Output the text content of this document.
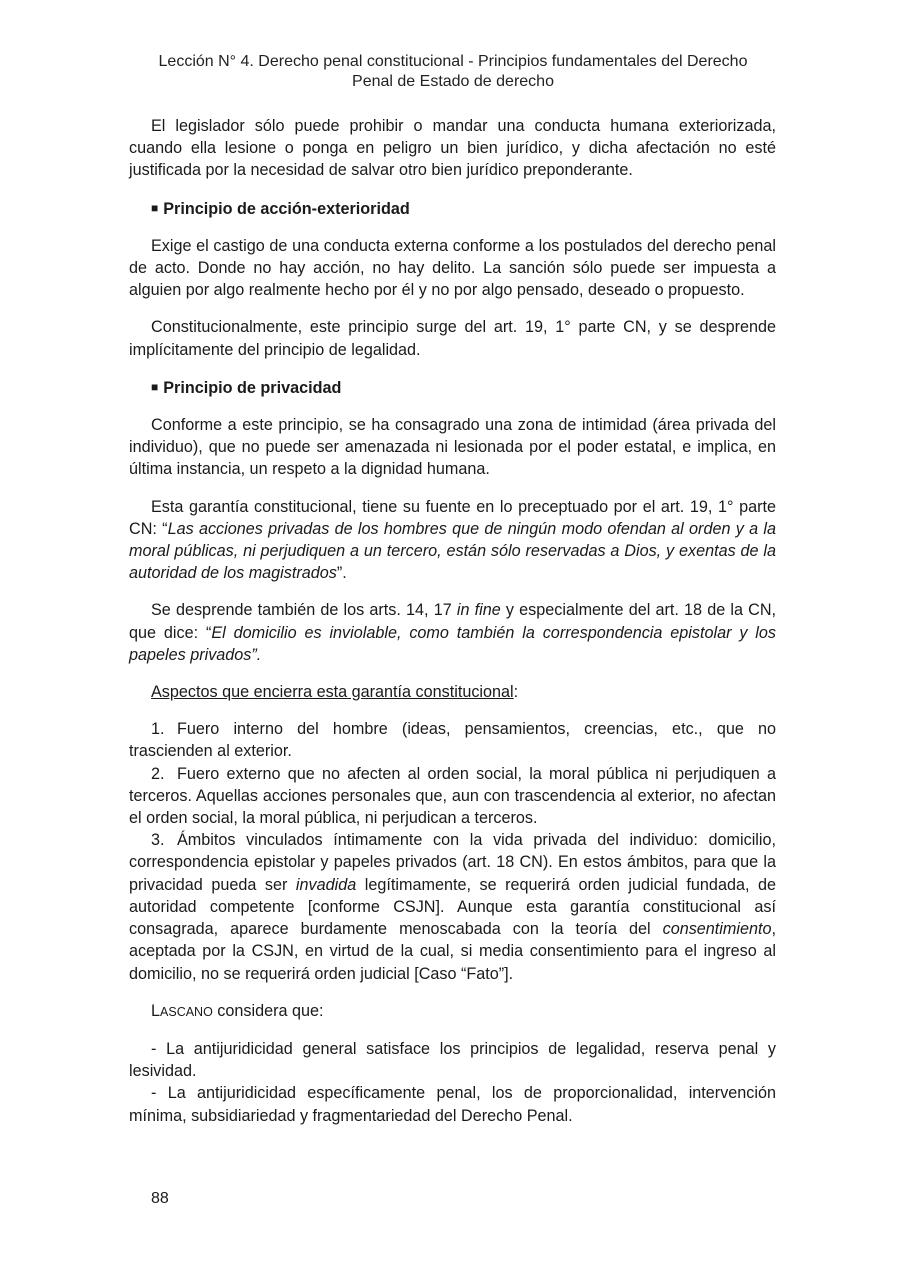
Lección N° 4. Derecho penal constitucional - Principios fundamentales del Derecho
Penal de Estado de derecho

El legislador sólo puede prohibir o mandar una conducta humana exteriorizada, cuando ella lesione o ponga en peligro un bien jurídico, y dicha afectación no esté justificada por la necesidad de salvar otro bien jurídico preponderante.

■ Principio de acción-exterioridad

Exige el castigo de una conducta externa conforme a los postulados del derecho penal de acto. Donde no hay acción, no hay delito. La sanción sólo puede ser impuesta a alguien por algo realmente hecho por él y no por algo pensado, deseado o propuesto.

Constitucionalmente, este principio surge del art. 19, 1° parte CN, y se desprende implícitamente del principio de legalidad.

■ Principio de privacidad

Conforme a este principio, se ha consagrado una zona de intimidad (área privada del individuo), que no puede ser amenazada ni lesionada por el poder estatal, e implica, en última instancia, un respeto a la dignidad humana.

Esta garantía constitucional, tiene su fuente en lo preceptuado por el art. 19, 1° parte CN: “Las acciones privadas de los hombres que de ningún modo ofendan al orden y a la moral públicas, ni perjudiquen a un tercero, están sólo reservadas a Dios, y exentas de la autoridad de los magistrados”.

Se desprende también de los arts. 14, 17 in fine y especialmente del art. 18 de la CN, que dice: “El domicilio es inviolable, como también la correspondencia epistolar y los papeles privados”.

Aspectos que encierra esta garantía constitucional:

1. Fuero interno del hombre (ideas, pensamientos, creencias, etc., que no trascienden al exterior.

2. Fuero externo que no afecten al orden social, la moral pública ni perjudiquen a terceros. Aquellas acciones personales que, aun con trascendencia al exterior, no afectan el orden social, la moral pública, ni perjudican a terceros.

3. Ámbitos vinculados íntimamente con la vida privada del individuo: domicilio, correspondencia epistolar y papeles privados (art. 18 CN). En estos ámbitos, para que la privacidad pueda ser invadida legítimamente, se requerirá orden judicial fundada, de autoridad competente [conforme CSJN]. Aunque esta garantía constitucional así consagrada, aparece burdamente menoscabada con la teoría del consentimiento, aceptada por la CSJN, en virtud de la cual, si media consentimiento para el ingreso al domicilio, no se requerirá orden judicial [Caso “Fato”].

LASCANO considera que:

- La antijuridicidad general satisface los principios de legalidad, reserva penal y lesividad.

- La antijuridicidad específicamente penal, los de proporcionalidad, intervención mínima, subsidiariedad y fragmentariedad del Derecho Penal.

88
